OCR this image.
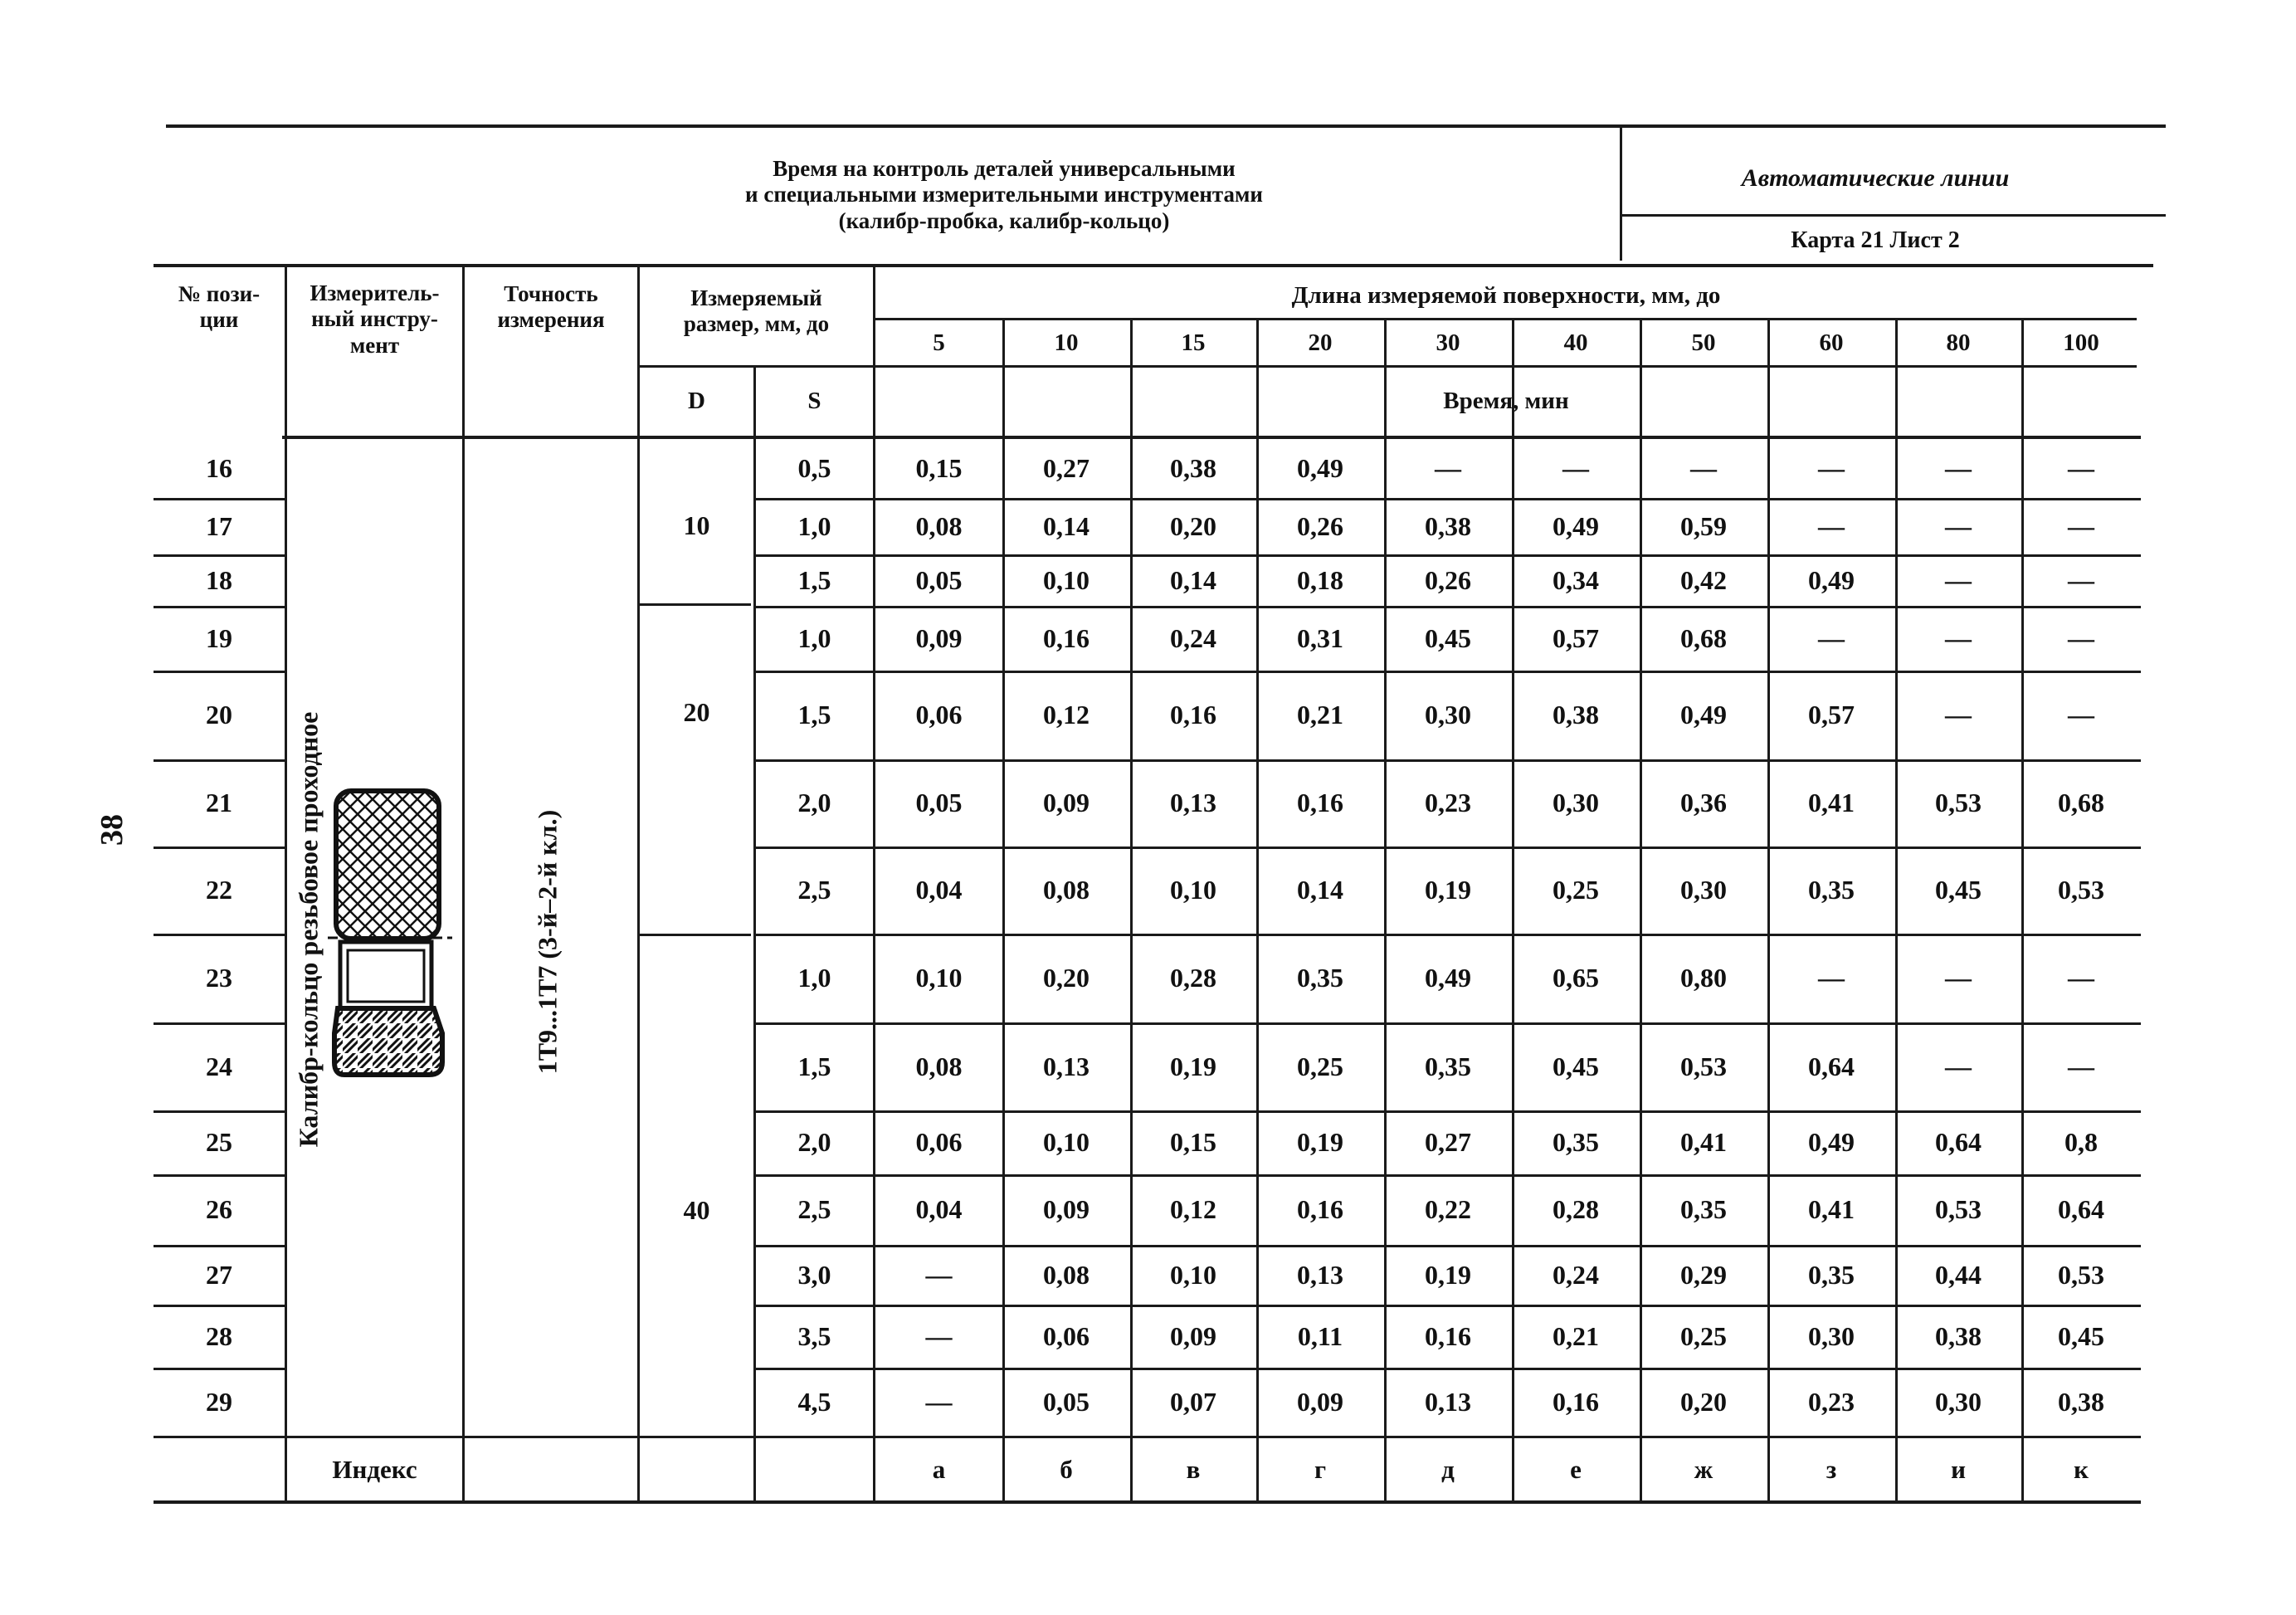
38
Время на контроль деталей универсальными
и специальными измерительными инструментами
(калибр-пробка, калибр-кольцо)
Автоматические линии
Карта 21 Лист 2
№ пози-
ции
Измеритель-
ный инстру-
мент
Точность
измерения
Измеряемый
размер, мм, до
D	S
Длина измеряемой поверхности, мм, до
Время, мин
5	10	15	20	30	40	50	60	80	100
Калибр-кольцо резьбовое проходное	1Т9...1Т7 (3-й–2-й кл.)
10
20
40
16	0,5	0,15	0,27	0,38	0,49	—	—	—	—	—	—
17	1,0	0,08	0,14	0,20	0,26	0,38	0,49	0,59	—	—	—
18	1,5	0,05	0,10	0,14	0,18	0,26	0,34	0,42	0,49	—	—
19	1,0	0,09	0,16	0,24	0,31	0,45	0,57	0,68	—	—	—
20	1,5	0,06	0,12	0,16	0,21	0,30	0,38	0,49	0,57	—	—
21	2,0	0,05	0,09	0,13	0,16	0,23	0,30	0,36	0,41	0,53	0,68
22	2,5	0,04	0,08	0,10	0,14	0,19	0,25	0,30	0,35	0,45	0,53
23	1,0	0,10	0,20	0,28	0,35	0,49	0,65	0,80	—	—	—
24	1,5	0,08	0,13	0,19	0,25	0,35	0,45	0,53	0,64	—	—
25	2,0	0,06	0,10	0,15	0,19	0,27	0,35	0,41	0,49	0,64	0,8
26	2,5	0,04	0,09	0,12	0,16	0,22	0,28	0,35	0,41	0,53	0,64
27	3,0	—	0,08	0,10	0,13	0,19	0,24	0,29	0,35	0,44	0,53
28	3,5	—	0,06	0,09	0,11	0,16	0,21	0,25	0,30	0,38	0,45
29	4,5	—	0,05	0,07	0,09	0,13	0,16	0,20	0,23	0,30	0,38
Индекс	а	б	в	г	д	е	ж	з	и	к
